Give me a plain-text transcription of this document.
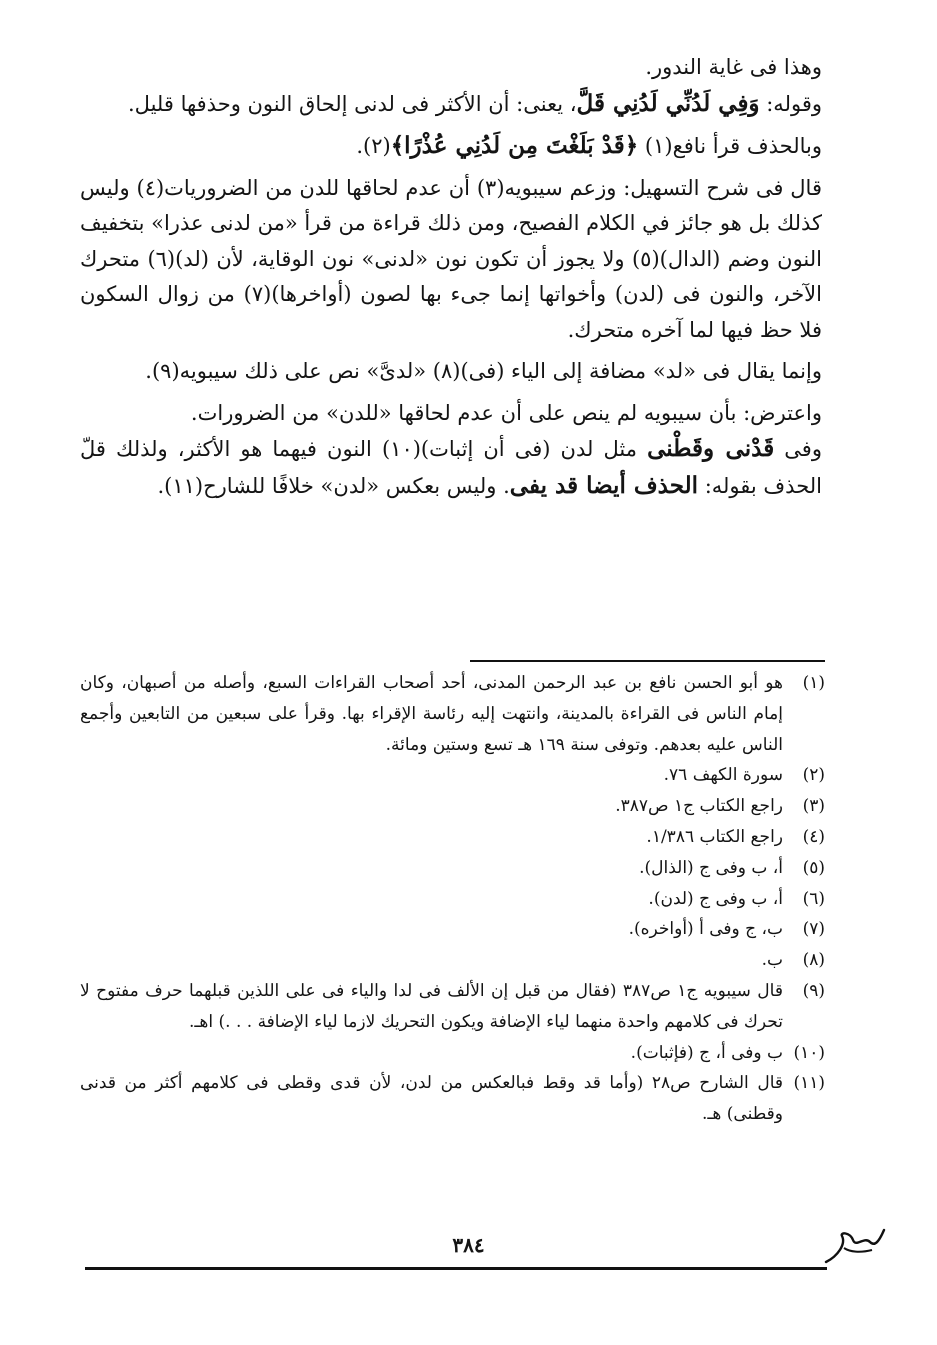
وهذا فى غاية الندور.

وقوله: وَفِي لَدُنِّي لَدُنِي قَلَّ، يعنى: أن الأكثر فى لدنى إلحاق النون وحذفها قليل.

وبالحذف قرأ نافع(١) ﴿قَدْ بَلَغْتَ مِن لَدُنِي عُذْرًا﴾(٢).

قال فى شرح التسهيل: وزعم سيبويه(٣) أن عدم لحاقها للدن من الضروريات(٤) وليس كذلك بل هو جائز في الكلام الفصيح، ومن ذلك قراءة من قرأ «من لدنى عذرا» بتخفيف النون وضم (الدال)(٥) ولا يجوز أن تكون نون «لدنى» نون الوقاية، لأن (لد)(٦) متحرك الآخر، والنون فى (لدن) وأخواتها إنما جىء بها لصون (أواخرها)(٧) من زوال السكون فلا حظ فيها لما آخره متحرك.

وإنما يقال فى «لد» مضافة إلى الياء (فى)(٨) «لدىَّ» نص على ذلك سيبويه(٩).

واعترض: بأن سيبويه لم ينص على أن عدم لحاقها «للدن» من الضرورات.

وفى قَدْنى وقَطْنى مثل لدن (فى أن إثبات)(١٠) النون فيهما هو الأكثر، ولذلك قلّ الحذف بقوله: الحذف أيضا قد يفى. وليس بعكس «لدن» خلافًا للشارح(١١).

(١)
هو أبو الحسن نافع بن عبد الرحمن المدنى، أحد أصحاب القراءات السبع، وأصله من أصبهان، وكان إمام الناس فى القراءة بالمدينة، وانتهت إليه رئاسة الإقراء بها. وقرأ على سبعين من التابعين وأجمع الناس عليه بعدهم. وتوفى سنة ١٦٩ هـ تسع وستين ومائة.

(٢)
سورة الكهف ٧٦.

(٣)
راجع الكتاب ج١ ص٣٨٧.

(٤)
راجع الكتاب ١/٣٨٦.

(٥)
أ، ب وفى ج (الذال).

(٦)
أ، ب وفى ج (لدن).

(٧)
ب، ج وفى أ (أواخره).

(٨)
ب.

(٩)
قال سيبويه ج١ ص٣٨٧ (فقال من قبل إن الألف فى لدا والياء فى على اللذين قبلهما حرف مفتوح لا تحرك فى كلامهم واحدة منهما لياء الإضافة ويكون التحريك لازما لياء الإضافة . . .) اهـ.

(١٠)
ب وفى أ، ج (فإثبات).

(١١)
قال الشارح ص٢٨ (وأما قد وقط فبالعكس من لدن، لأن قدى وقطى فى كلامهم أكثر من قدنى وقطنى) هـ.

٣٨٤
